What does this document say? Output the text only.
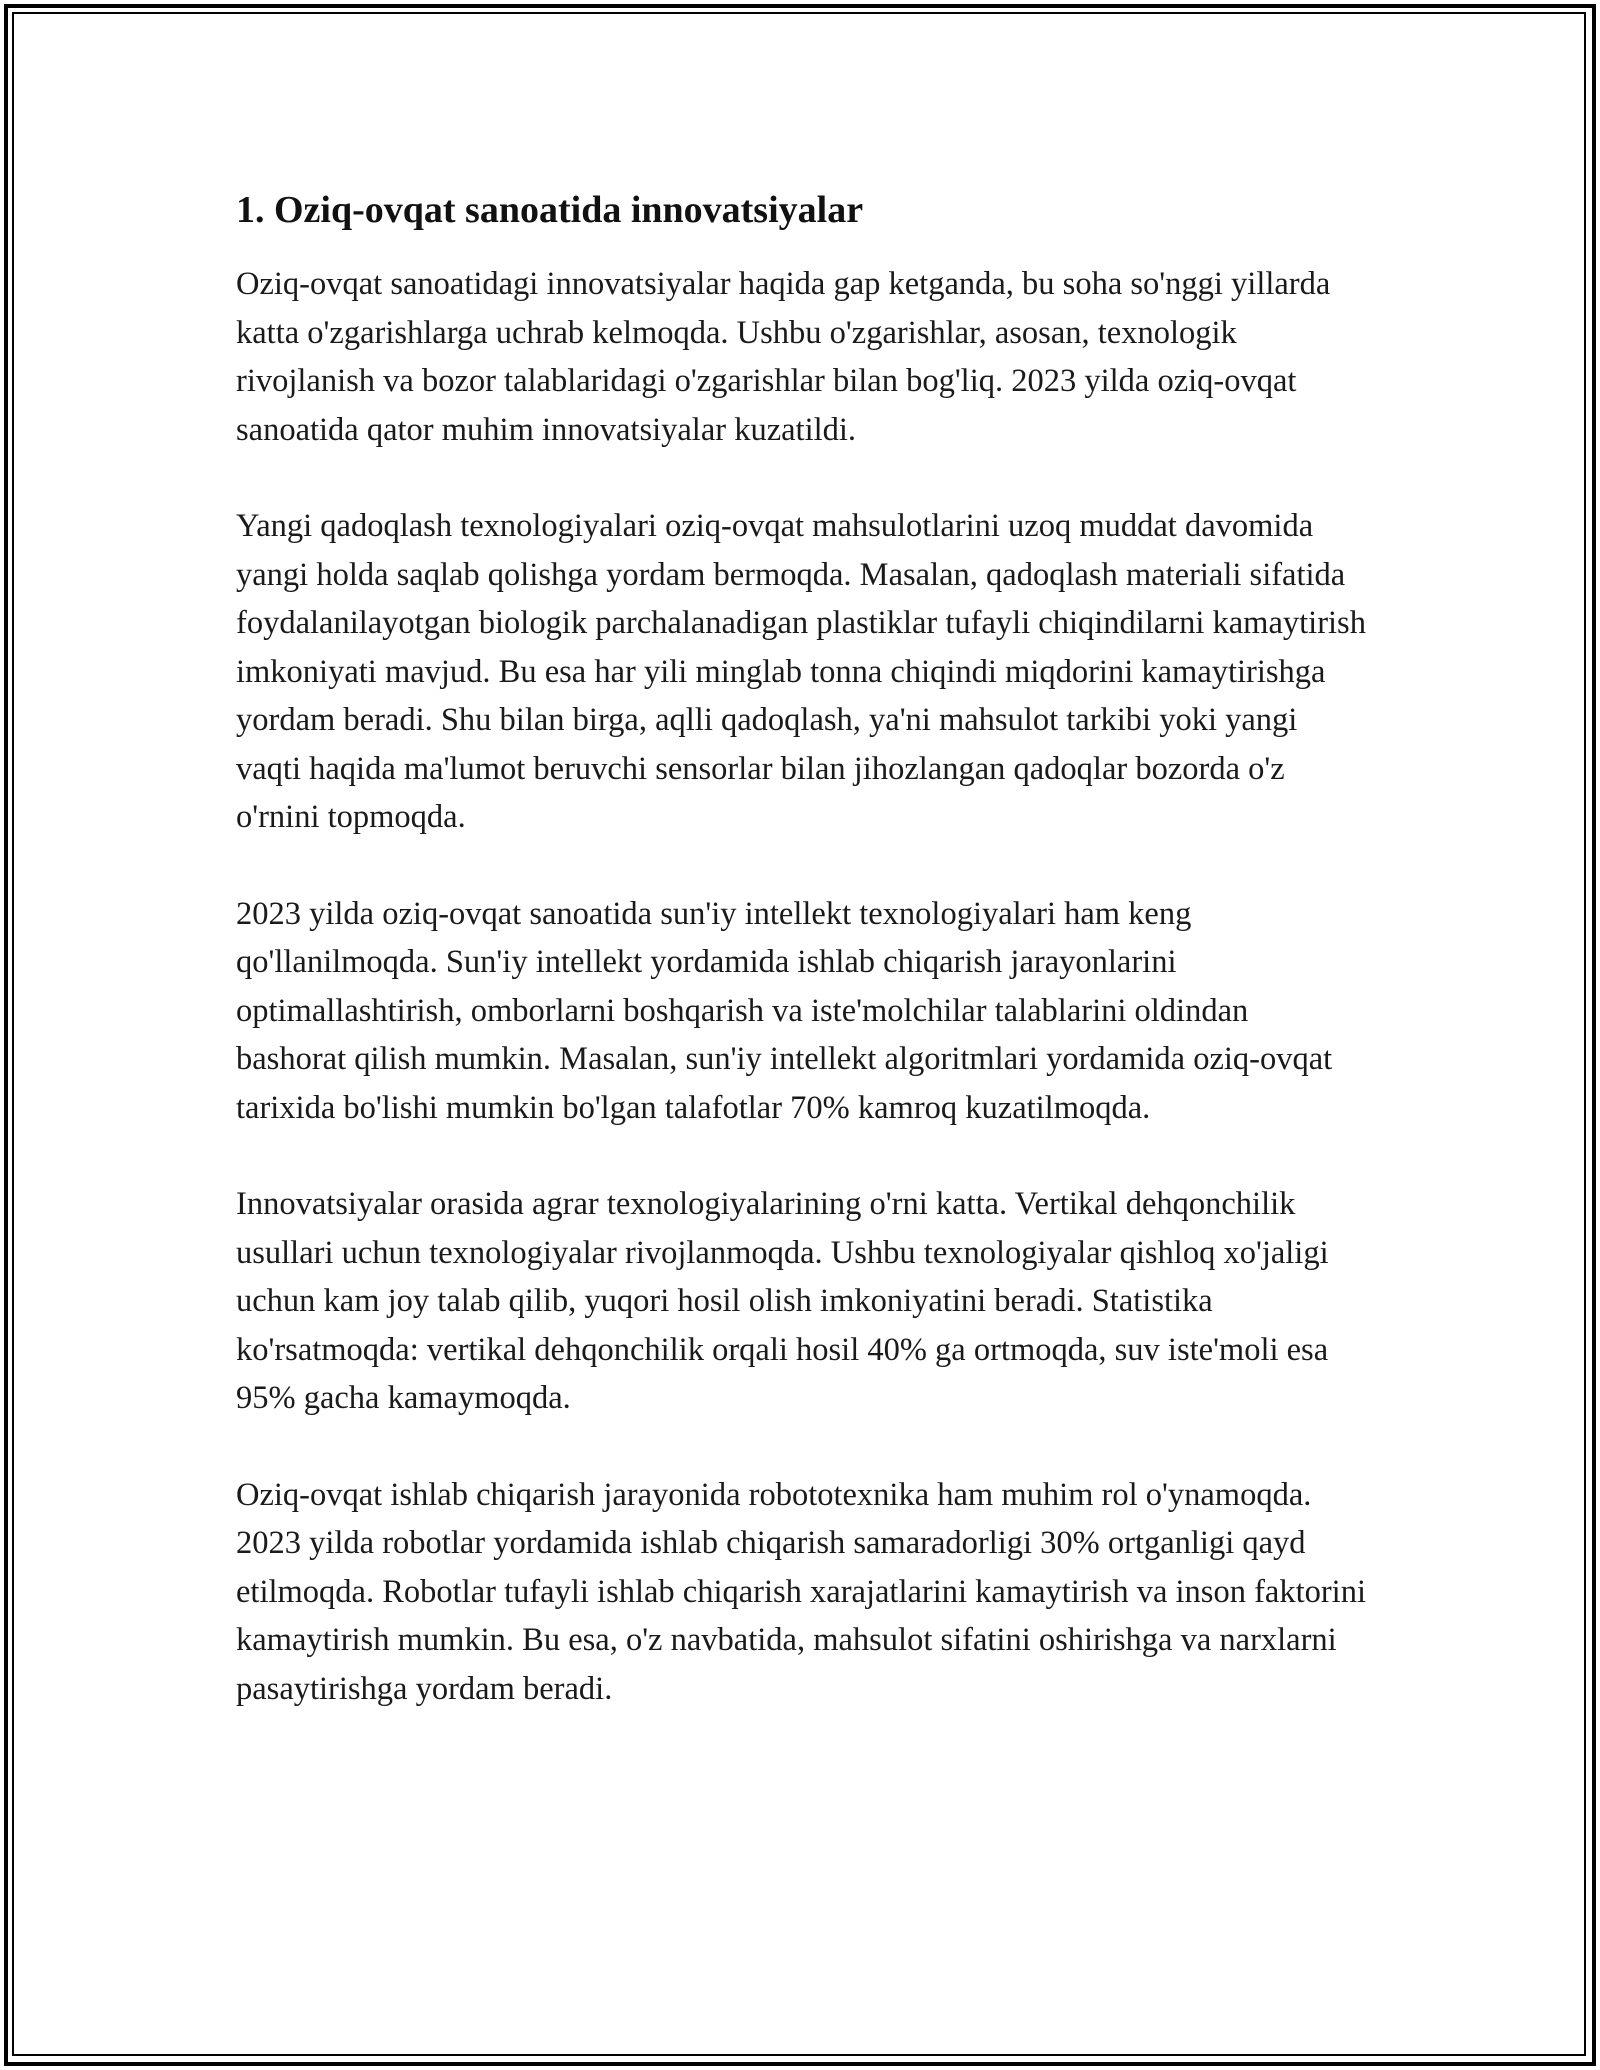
1. Oziq-ovqat sanoatida innovatsiyalar

Oziq-ovqat sanoatidagi innovatsiyalar haqida gap ketganda, bu soha so'nggi yillarda katta o'zgarishlarga uchrab kelmoqda. Ushbu o'zgarishlar, asosan, texnologik rivojlanish va bozor talablaridagi o'zgarishlar bilan bog'liq. 2023 yilda oziq-ovqat sanoatida qator muhim innovatsiyalar kuzatildi.

Yangi qadoqlash texnologiyalari oziq-ovqat mahsulotlarini uzoq muddat davomida yangi holda saqlab qolishga yordam bermoqda. Masalan, qadoqlash materiali sifatida foydalanilayotgan biologik parchalanadigan plastiklar tufayli chiqindilarni kamaytirish imkoniyati mavjud. Bu esa har yili minglab tonna chiqindi miqdorini kamaytirishga yordam beradi. Shu bilan birga, aqlli qadoqlash, ya'ni mahsulot tarkibi yoki yangi vaqti haqida ma'lumot beruvchi sensorlar bilan jihozlangan qadoqlar bozorda o'z o'rnini topmoqda.

2023 yilda oziq-ovqat sanoatida sun'iy intellekt texnologiyalari ham keng qo'llanilmoqda. Sun'iy intellekt yordamida ishlab chiqarish jarayonlarini optimallashtirish, omborlarni boshqarish va iste'molchilar talablarini oldindan bashorat qilish mumkin. Masalan, sun'iy intellekt algoritmlari yordamida oziq-ovqat tarixida bo'lishi mumkin bo'lgan talafotlar 70% kamroq kuzatilmoqda.

Innovatsiyalar orasida agrar texnologiyalarining o'rni katta. Vertikal dehqonchilik usullari uchun texnologiyalar rivojlanmoqda. Ushbu texnologiyalar qishloq xo'jaligi uchun kam joy talab qilib, yuqori hosil olish imkoniyatini beradi. Statistika ko'rsatmoqda: vertikal dehqonchilik orqali hosil 40% ga ortmoqda, suv iste'moli esa 95% gacha kamaymoqda.

Oziq-ovqat ishlab chiqarish jarayonida robototexnika ham muhim rol o'ynamoqda. 2023 yilda robotlar yordamida ishlab chiqarish samaradorligi 30% ortganligi qayd etilmoqda. Robotlar tufayli ishlab chiqarish xarajatlarini kamaytirish va inson faktorini kamaytirish mumkin. Bu esa, o'z navbatida, mahsulot sifatini oshirishga va narxlarni pasaytirishga yordam beradi.
